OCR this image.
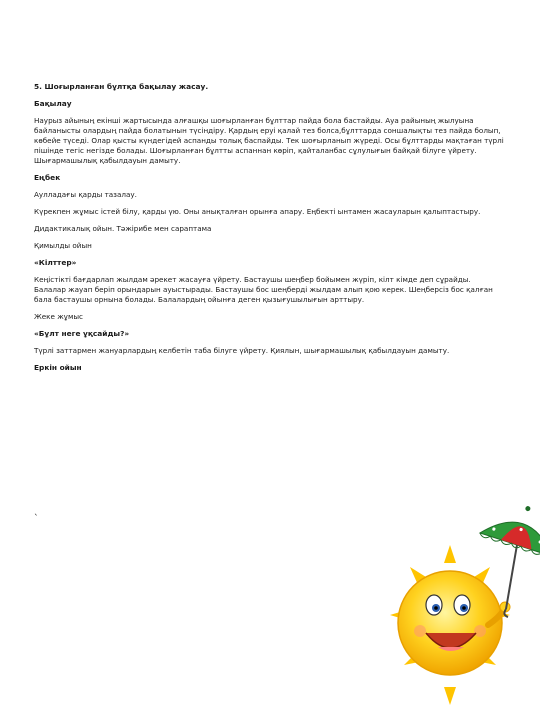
5. Шоғырланған бұлтқа бақылау жасау.

Бақылау

Наурыз айының екінші жартысында алғашқы шоғырланған бұлттар пайда бола бастайды. Ауа райының жылуына байланысты олардың пайда болатынын түсіндіру. Қардың еруі қалай тез болса,бұлттарда соншалықты тез пайда болып, көбейе түседі. Олар қысты күндегідей аспанды толық баспайды. Тек шоғырланып жүреді. Осы бұлттарды мақтаған түрлі пішінде тегіс негізде болады. Шоғырланған бұлтты аспаннан көріп, қайталанбас сұлулығын байқай білуге үйрету. Шығармашылық қабылдауын дамыту.

Еңбек

Аулладағы қарды тазалау.

Күрекпен жұмыс істей білу, қарды үю. Оны анықталған орынға апару. Еңбекті ынтамен жасауларын қалыптастыру.

Дидактикалық ойын. Тәжірибе мен сараптама

Қимылды ойын

«Кілттер»

Кеңістікті бағдарлап жылдам әрекет жасауға үйрету. Бастаушы шеңбер бойымен жүріп, кілт кімде деп сұрайды. Балалар жауап беріп орындарын ауыстырады. Бастаушы бос шеңберді жылдам алып қою керек. Шеңберсіз бос қалған бала бастаушы орнына болады. Балалардың ойынға деген қызығушылығын арттыру.

Жеке жұмыс

«Бұлт неге ұқсайды?»

Түрлі заттармен жануарлардың келбетін таба білуге үйрету. Қиялын, шығармашылық қабылдауын дамыту.

Еркін ойын

`
